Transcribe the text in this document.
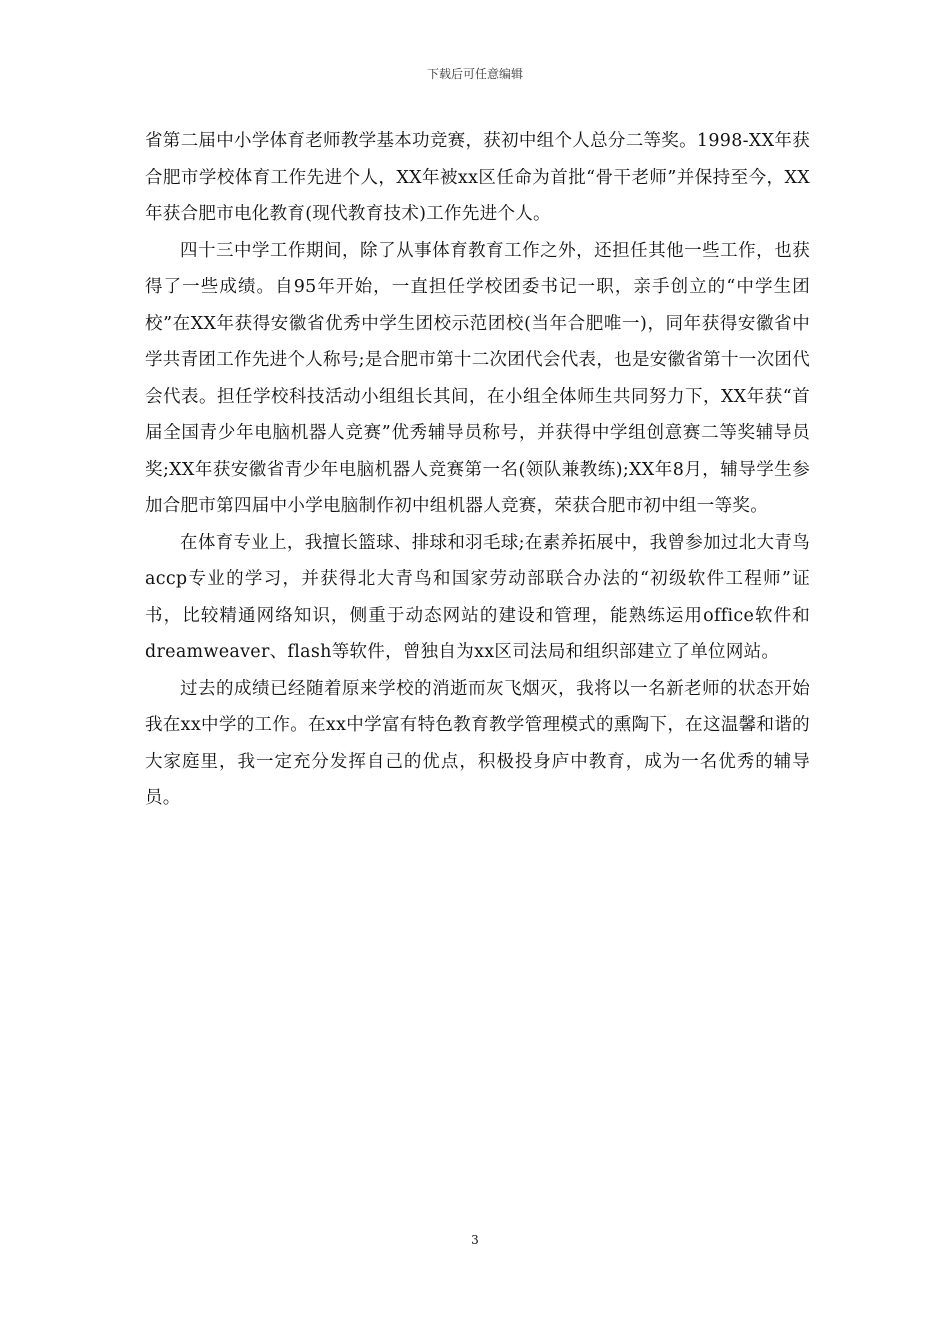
下载后可任意编辑

省第二届中小学体育老师教学基本功竞赛，获初中组个人总分二等奖。1998-XX年获合肥市学校体育工作先进个人，XX年被xx区任命为首批“骨干老师”并保持至今，XX年获合肥市电化教育(现代教育技术)工作先进个人。

四十三中学工作期间，除了从事体育教育工作之外，还担任其他一些工作，也获得了一些成绩。自95年开始，一直担任学校团委书记一职，亲手创立的“中学生团校”在XX年获得安徽省优秀中学生团校示范团校(当年合肥唯一)，同年获得安徽省中学共青团工作先进个人称号;是合肥市第十二次团代会代表，也是安徽省第十一次团代会代表。担任学校科技活动小组组长其间，在小组全体师生共同努力下，XX年获“首届全国青少年电脑机器人竞赛”优秀辅导员称号，并获得中学组创意赛二等奖辅导员奖;XX年获安徽省青少年电脑机器人竞赛第一名(领队兼教练);XX年8月，辅导学生参加合肥市第四届中小学电脑制作初中组机器人竞赛，荣获合肥市初中组一等奖。

在体育专业上，我擅长篮球、排球和羽毛球;在素养拓展中，我曾参加过北大青鸟accp专业的学习，并获得北大青鸟和国家劳动部联合办法的“初级软件工程师”证书，比较精通网络知识，侧重于动态网站的建设和管理，能熟练运用office软件和dreamweaver、flash等软件，曾独自为xx区司法局和组织部建立了单位网站。

过去的成绩已经随着原来学校的消逝而灰飞烟灭，我将以一名新老师的状态开始我在xx中学的工作。在xx中学富有特色教育教学管理模式的熏陶下，在这温馨和谐的大家庭里，我一定充分发挥自己的优点，积极投身庐中教育，成为一名优秀的辅导员。

3
